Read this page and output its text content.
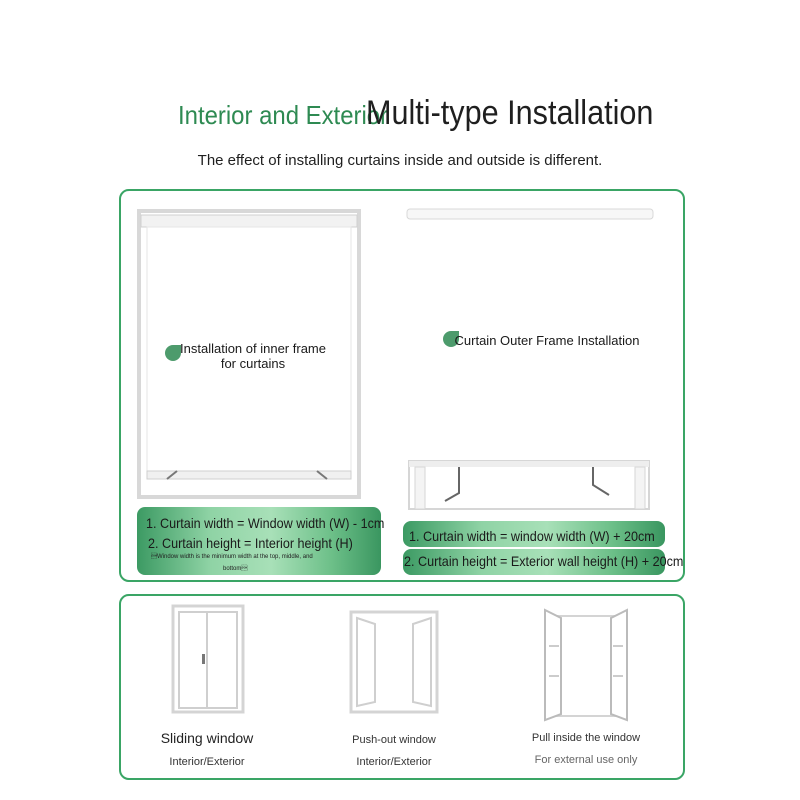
Interior and Exterior
Multi-type Installation
The effect of installing curtains inside and outside is different.
Installation of inner frame for curtains
Curtain Outer Frame Installation
1. Curtain width = Window width (W) - 1cm
2. Curtain height = Interior height (H)
Window width is the minimum width at the top, middle, and
bottom
1. Curtain width = window width (W) + 20cm
2. Curtain height = Exterior wall height (H) + 20cm
Sliding window
Interior/Exterior
Push-out window
Interior/Exterior
Pull inside the window
For external use only
